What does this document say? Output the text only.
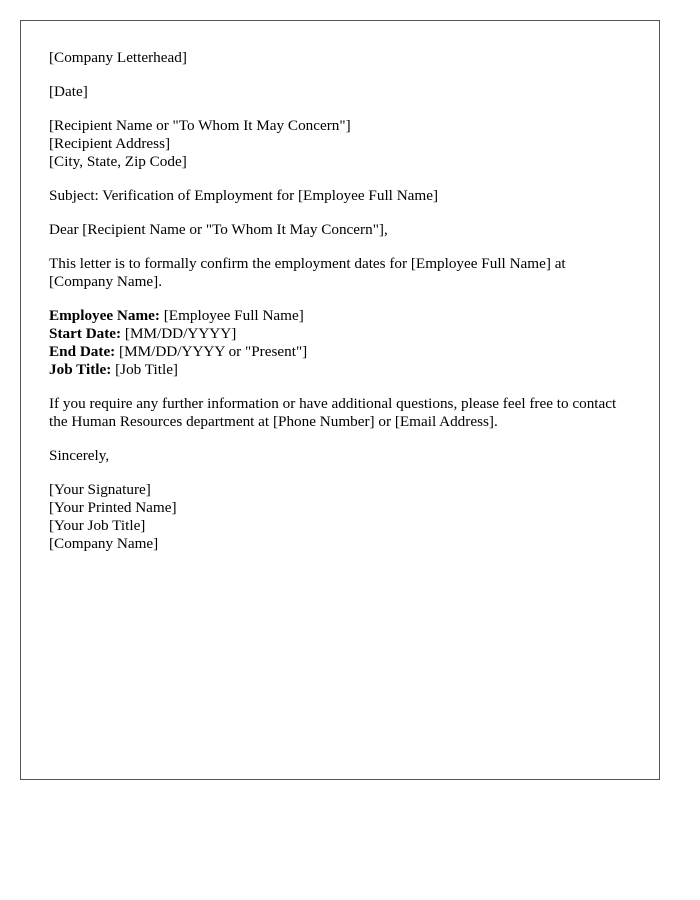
[Company Letterhead]
[Date]
[Recipient Name or "To Whom It May Concern"]
[Recipient Address]
[City, State, Zip Code]
Subject: Verification of Employment for [Employee Full Name]
Dear [Recipient Name or "To Whom It May Concern"],
This letter is to formally confirm the employment dates for [Employee Full Name] at [Company Name].
Employee Name: [Employee Full Name]
Start Date: [MM/DD/YYYY]
End Date: [MM/DD/YYYY or "Present"]
Job Title: [Job Title]
If you require any further information or have additional questions, please feel free to contact the Human Resources department at [Phone Number] or [Email Address].
Sincerely,
[Your Signature]
[Your Printed Name]
[Your Job Title]
[Company Name]
